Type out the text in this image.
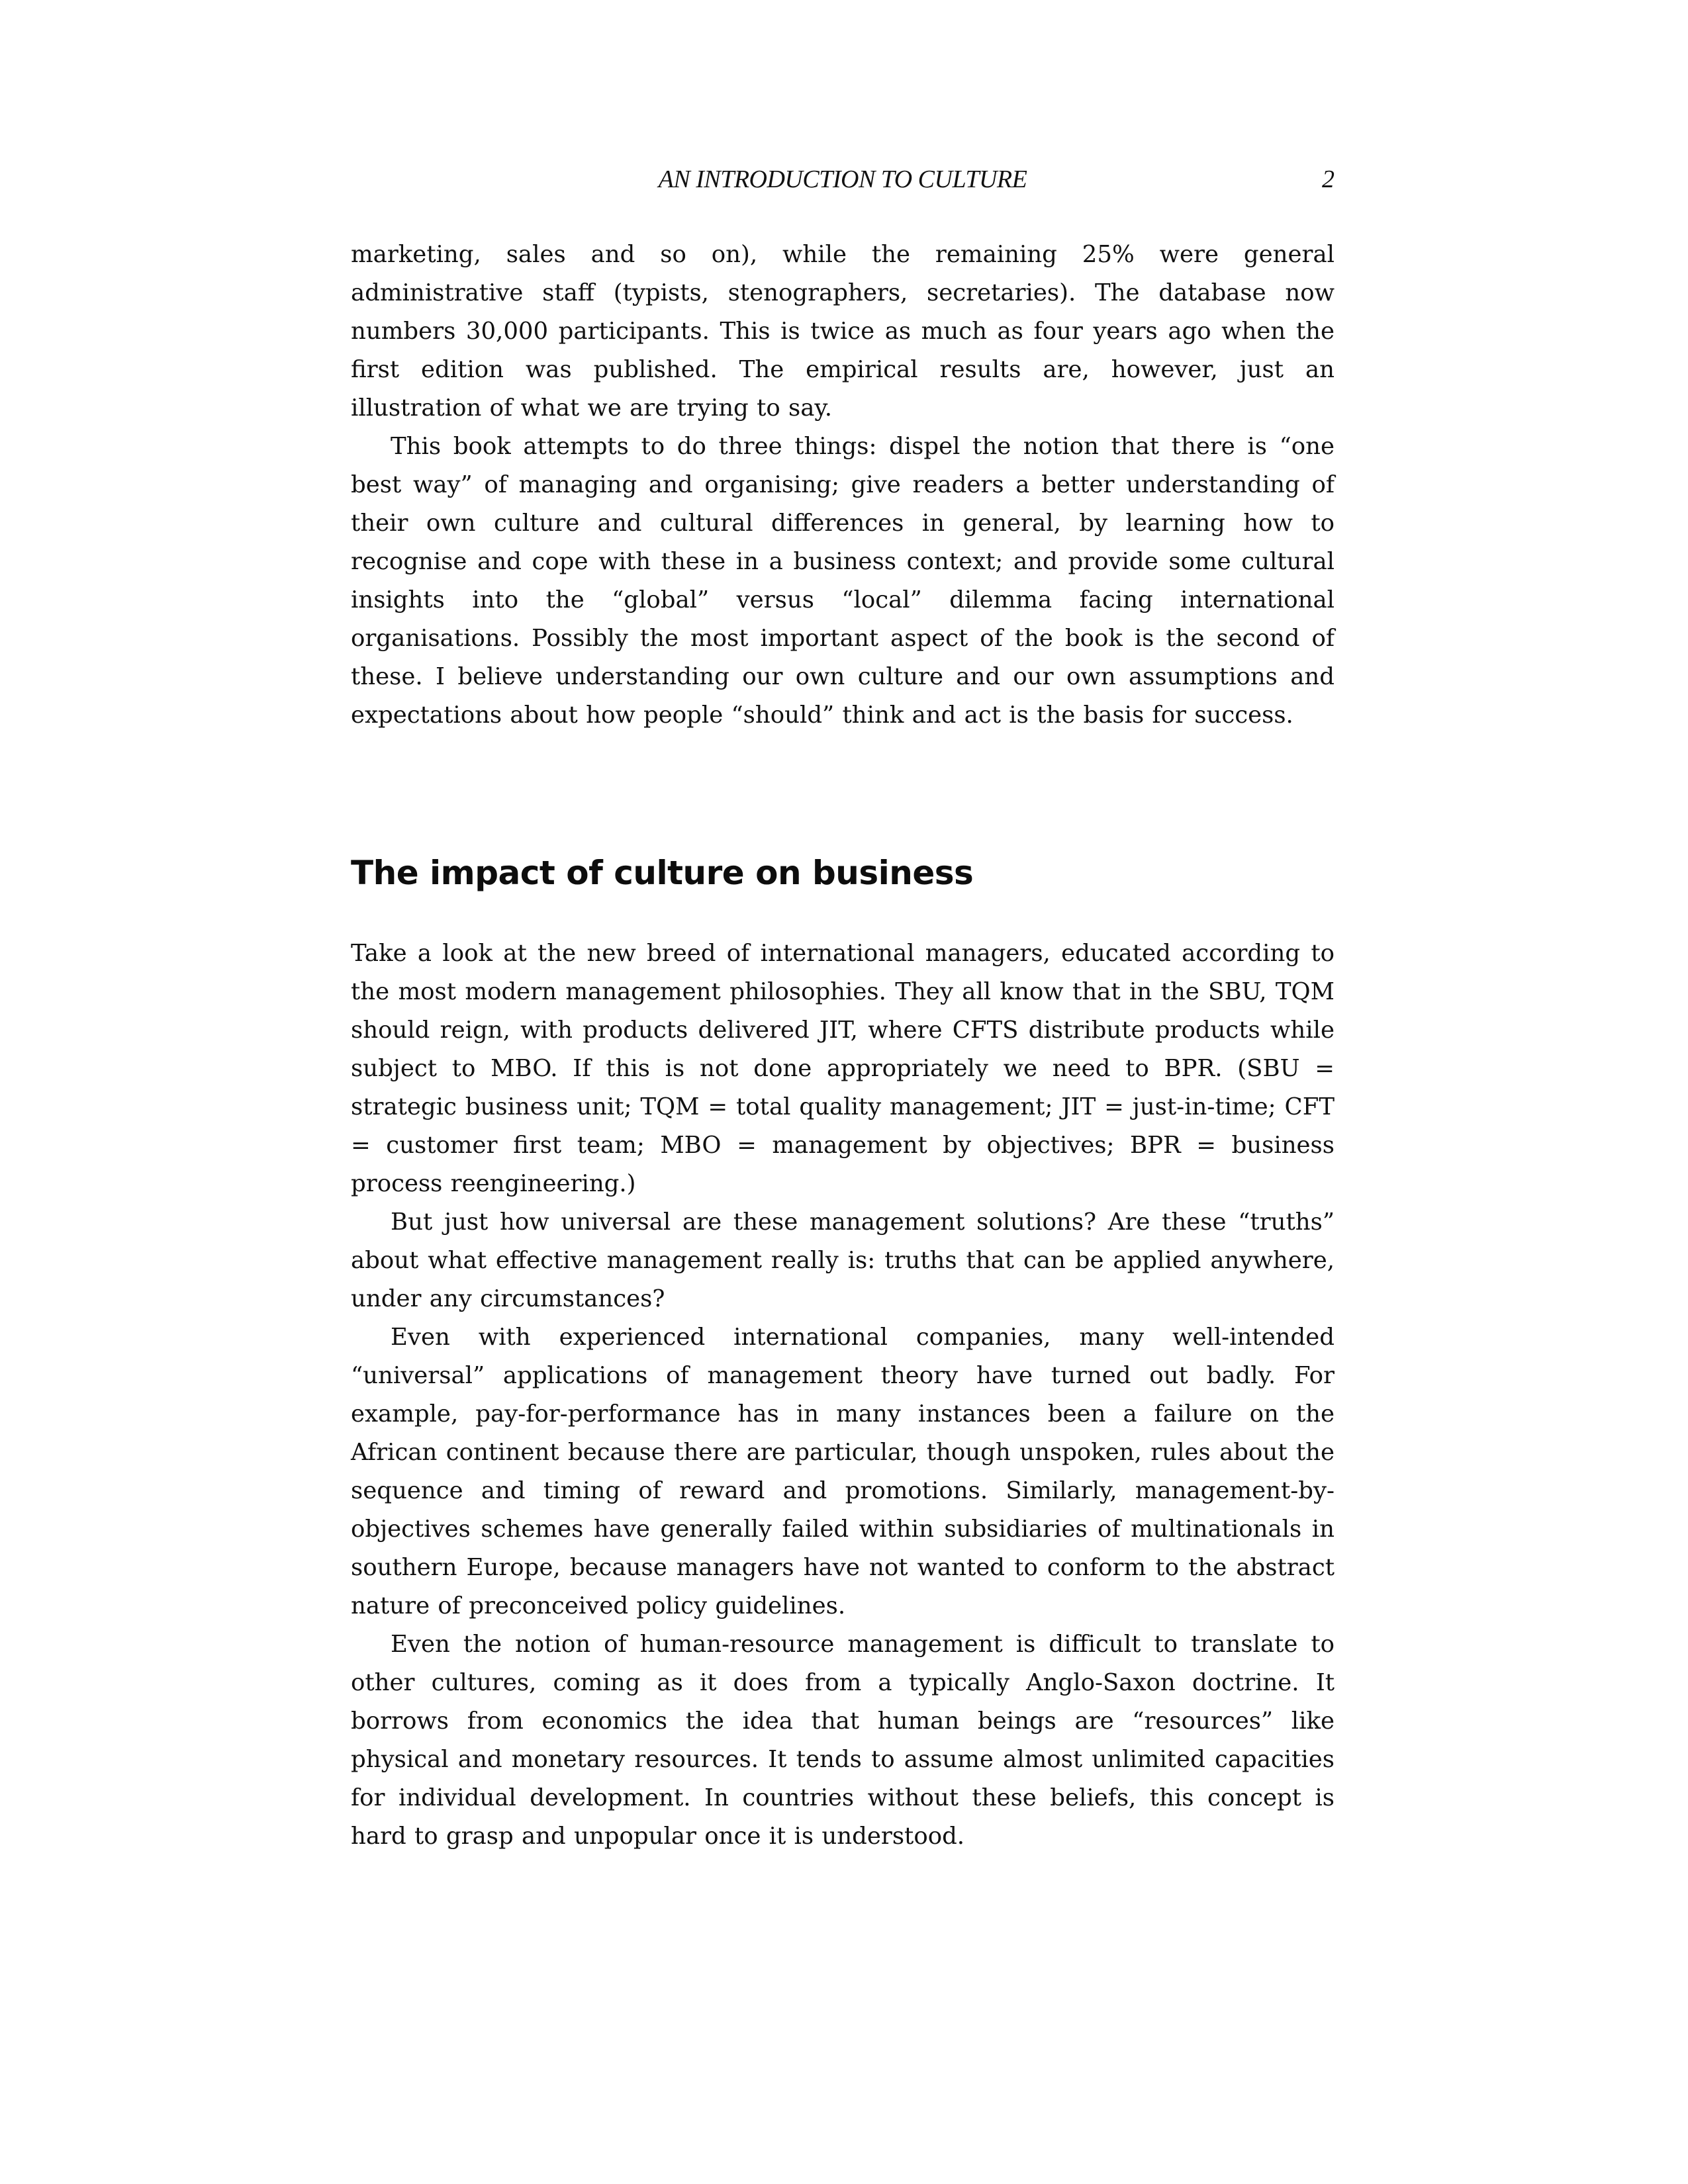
AN INTRODUCTION TO CULTURE	2

marketing, sales and so on), while the remaining 25% were general administrative staff (typists, stenographers, secretaries). The database now numbers 30,000 participants. This is twice as much as four years ago when the first edition was published. The empirical results are, however, just an illustration of what we are trying to say.

This book attempts to do three things: dispel the notion that there is “one best way” of managing and organising; give readers a better understanding of their own culture and cultural differences in general, by learning how to recognise and cope with these in a business context; and provide some cultural insights into the “global” versus “local” dilemma facing international organisations. Possibly the most important aspect of the book is the second of these. I believe understanding our own culture and our own assumptions and expectations about how people “should” think and act is the basis for success.

The impact of culture on business

Take a look at the new breed of international managers, educated according to the most modern management philosophies. They all know that in the SBU, TQM should reign, with products delivered JIT, where CFTS distribute products while subject to MBO. If this is not done appropriately we need to BPR. (SBU = strategic business unit; TQM = total quality management; JIT = just-in-time; CFT = customer first team; MBO = management by objectives; BPR = business process reengineering.)

But just how universal are these management solutions? Are these “truths” about what effective management really is: truths that can be applied anywhere, under any circumstances?

Even with experienced international companies, many well-intended “universal” applications of management theory have turned out badly. For example, pay-for-performance has in many instances been a failure on the African continent because there are particular, though unspoken, rules about the sequence and timing of reward and promotions. Similarly, management-by-objectives schemes have generally failed within subsidiaries of multinationals in southern Europe, because managers have not wanted to conform to the abstract nature of preconceived policy guidelines.

Even the notion of human-resource management is difficult to translate to other cultures, coming as it does from a typically Anglo-Saxon doctrine. It borrows from economics the idea that human beings are “resources” like physical and monetary resources. It tends to assume almost unlimited capacities for individual development. In countries without these beliefs, this concept is hard to grasp and unpopular once it is understood.
